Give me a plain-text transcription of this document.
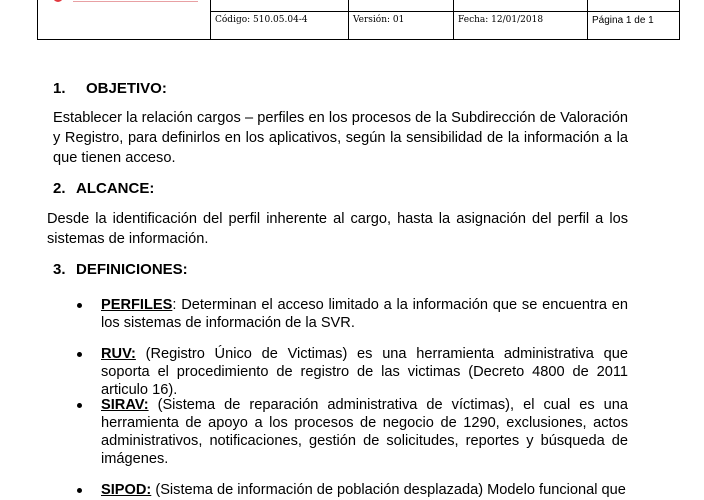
Código: 510.05.04-4	Versión: 01	Fecha: 12/01/2018	Página 1 de 1
1. OBJETIVO:
Establecer la relación cargos – perfiles en los procesos de la Subdirección de Valoración y Registro, para definirlos en los aplicativos, según la sensibilidad de la información a la que tienen acceso.
2. ALCANCE:
Desde la identificación del perfil inherente al cargo, hasta la asignación del perfil a los sistemas de información.
3. DEFINICIONES:
PERFILES: Determinan el acceso limitado a la información que se encuentra en los sistemas de información de la SVR.
RUV: (Registro Único de Victimas) es una herramienta administrativa que soporta el procedimiento de registro de las victimas (Decreto 4800 de 2011 articulo 16).
SIRAV: (Sistema de reparación administrativa de víctimas), el cual es una herramienta de apoyo a los procesos de negocio de 1290, exclusiones, actos administrativos, notificaciones, gestión de solicitudes, reportes y búsqueda de imágenes.
SIPOD: (Sistema de información de población desplazada) Modelo funcional que
